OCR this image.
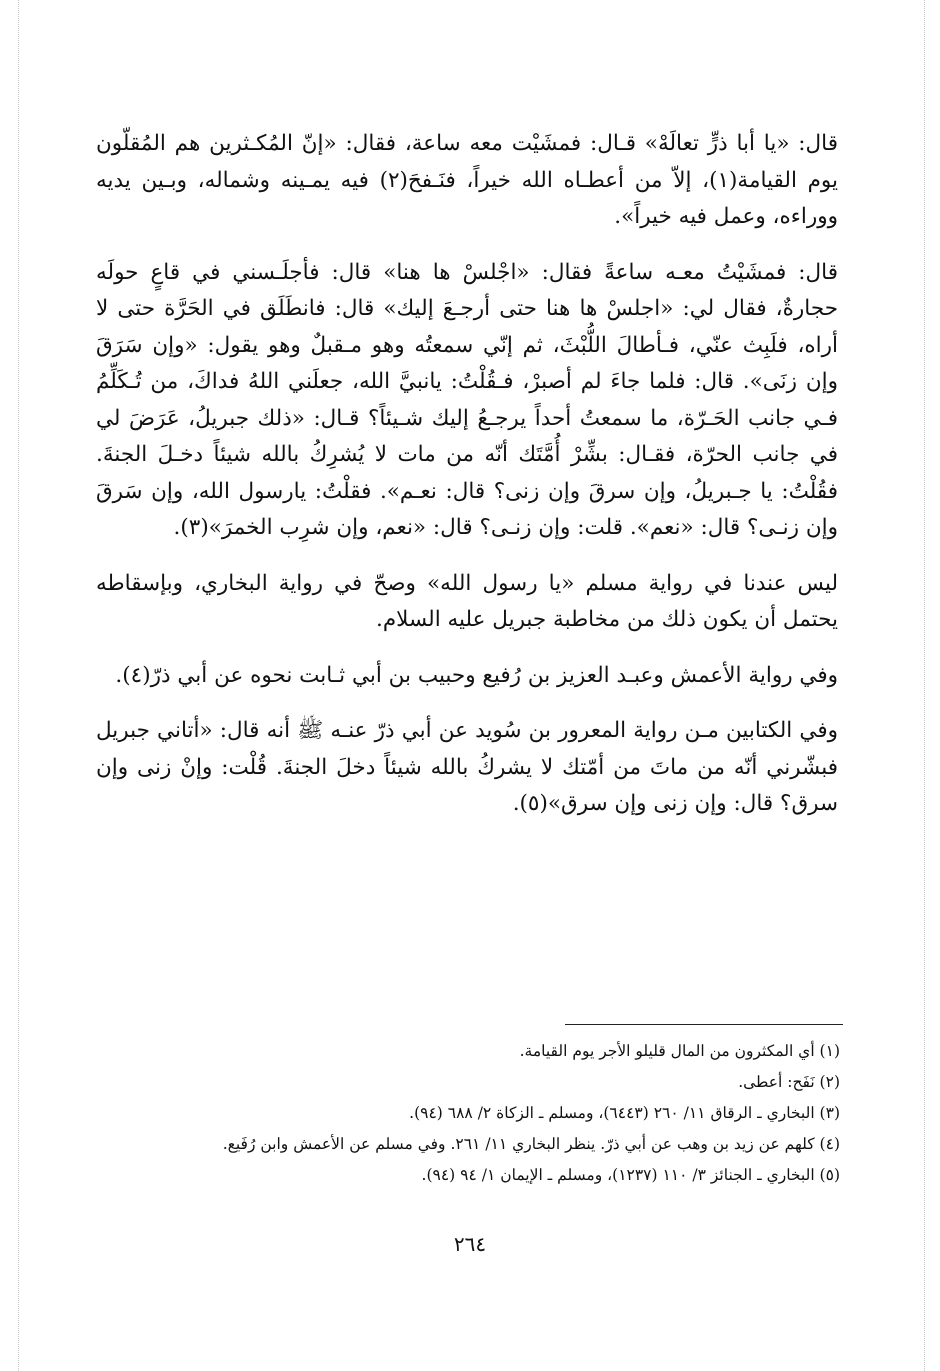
قال: «يا أبا ذرٍّ تعالَهْ» قـال: فمشَيْت معه ساعة، فقال: «إنّ المُكـثرين هم المُقلّون يوم القيامة(١)، إلاّ من أعطـاه الله خيراً، فنَـفحَ(٢) فيه يمـينه وشماله، وبـين يديه ووراءه، وعمل فيه خيراً».

قال: فمشَيْتُ معـه ساعةً فقال: «اجْلسْ ها هنا» قال: فأجلَـسني في قاعٍ حولَه حجارةٌ، فقال لي: «اجلسْ ها هنا حتى أرجـعَ إليك» قال: فانطَلَق في الحَرَّة حتى لا أراه، فلَبِث عنّي، فـأطالَ اللُّبْثَ، ثم إنّي سمعتُه وهو مـقبلٌ وهو يقول: «وإن سَرَقَ وإن زنَى». قال: فلما جاءَ لم أصبرْ، فـقُلْتُ: يانبيَّ الله، جعلَني اللهُ فداكَ، من تُـكَلِّمُ فـي جانب الحَـرّة، ما سمعتُ أحداً يرجـعُ إليك شـيئاً؟ قـال: «ذلك جبريلُ، عَرَضَ لي في جانب الحرّة، فقـال: بشِّرْ أُمَّتَك أنّه من مات لا يُشرِكُ بالله شيئاً دخـلَ الجنةَ. فقُلْتُ: يا جـبريلُ، وإن سرقَ وإن زنى؟ قال: نعـم». فقلْتُ: يارسول الله، وإن سَرقَ وإن زنـى؟ قال: «نعم». قلت: وإن زنـى؟ قال: «نعم، وإن شرِب الخمرَ»(٣).

ليس عندنا في رواية مسلم «يا رسول الله» وصحّ في رواية البخاري، وبإسقاطه يحتمل أن يكون ذلك من مخاطبة جبريل عليه السلام.

وفي رواية الأعمش وعبـد العزيز بن رُفيع وحبيب بن أبي ثـابت نحوه عن أبي ذرّ(٤).

وفي الكتابين مـن رواية المعرور بن سُويد عن أبي ذرّ عنـه ﷺ أنه قال: «أتاني جبريل فبشّرني أنّه من ماتَ من أمّتك لا يشركُ بالله شيئاً دخلَ الجنةَ. قُلْت: وإنْ زنى وإن سرق؟ قال: وإن زنى وإن سرق»(٥).

(١) أي المكثرون من المال قليلو الأجر يوم القيامة.

(٢) نَفَح: أعطى.

(٣) البخاري ـ الرقاق ١١/ ٢٦٠ (٦٤٤٣)، ومسلم ـ الزكاة ٢/ ٦٨٨ (٩٤).

(٤) كلهم عن زيد بن وهب عن أبي ذرّ. ينظر البخاري ١١/ ٢٦١. وفي مسلم عن الأعمش وابن رُفَيع.

(٥) البخاري ـ الجنائز ٣/ ١١٠ (١٢٣٧)، ومسلم ـ الإيمان ١/ ٩٤ (٩٤).

٢٦٤
